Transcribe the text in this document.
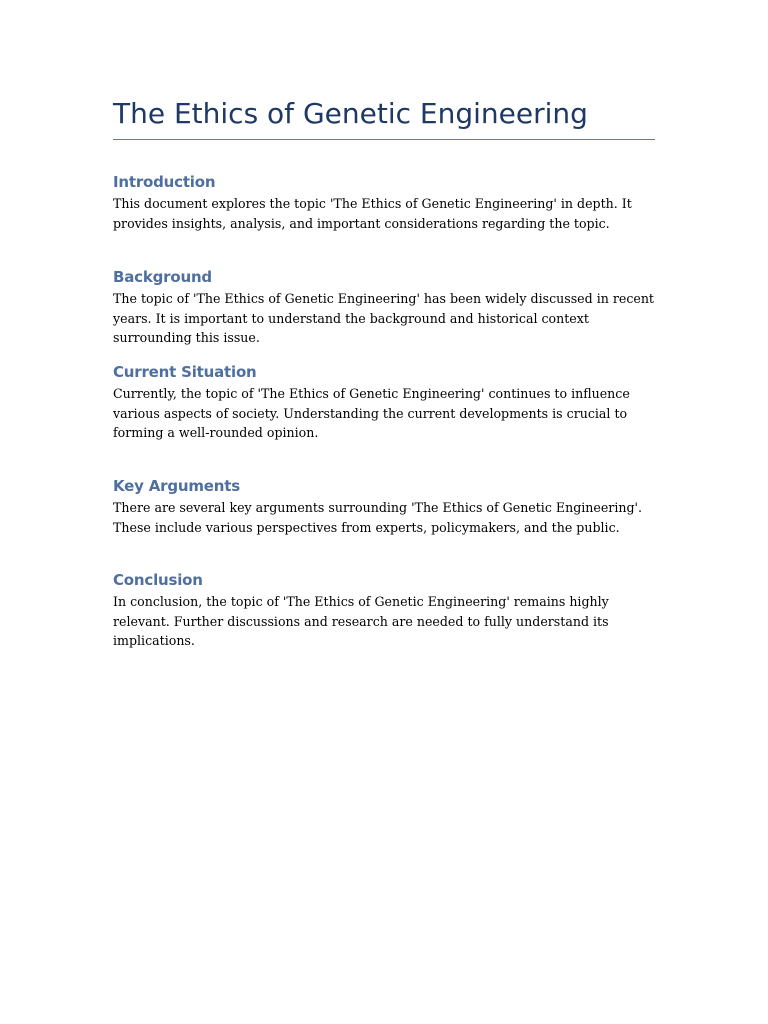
The Ethics of Genetic Engineering
Introduction

This document explores the topic 'The Ethics of Genetic Engineering' in depth. It provides insights, analysis, and important considerations regarding the topic.

Background

The topic of 'The Ethics of Genetic Engineering' has been widely discussed in recent years. It is important to understand the background and historical context surrounding this issue.

Current Situation

Currently, the topic of 'The Ethics of Genetic Engineering' continues to influence various aspects of society. Understanding the current developments is crucial to forming a well-rounded opinion.

Key Arguments

There are several key arguments surrounding 'The Ethics of Genetic Engineering'. These include various perspectives from experts, policymakers, and the public.

Conclusion

In conclusion, the topic of 'The Ethics of Genetic Engineering' remains highly relevant. Further discussions and research are needed to fully understand its implications.
